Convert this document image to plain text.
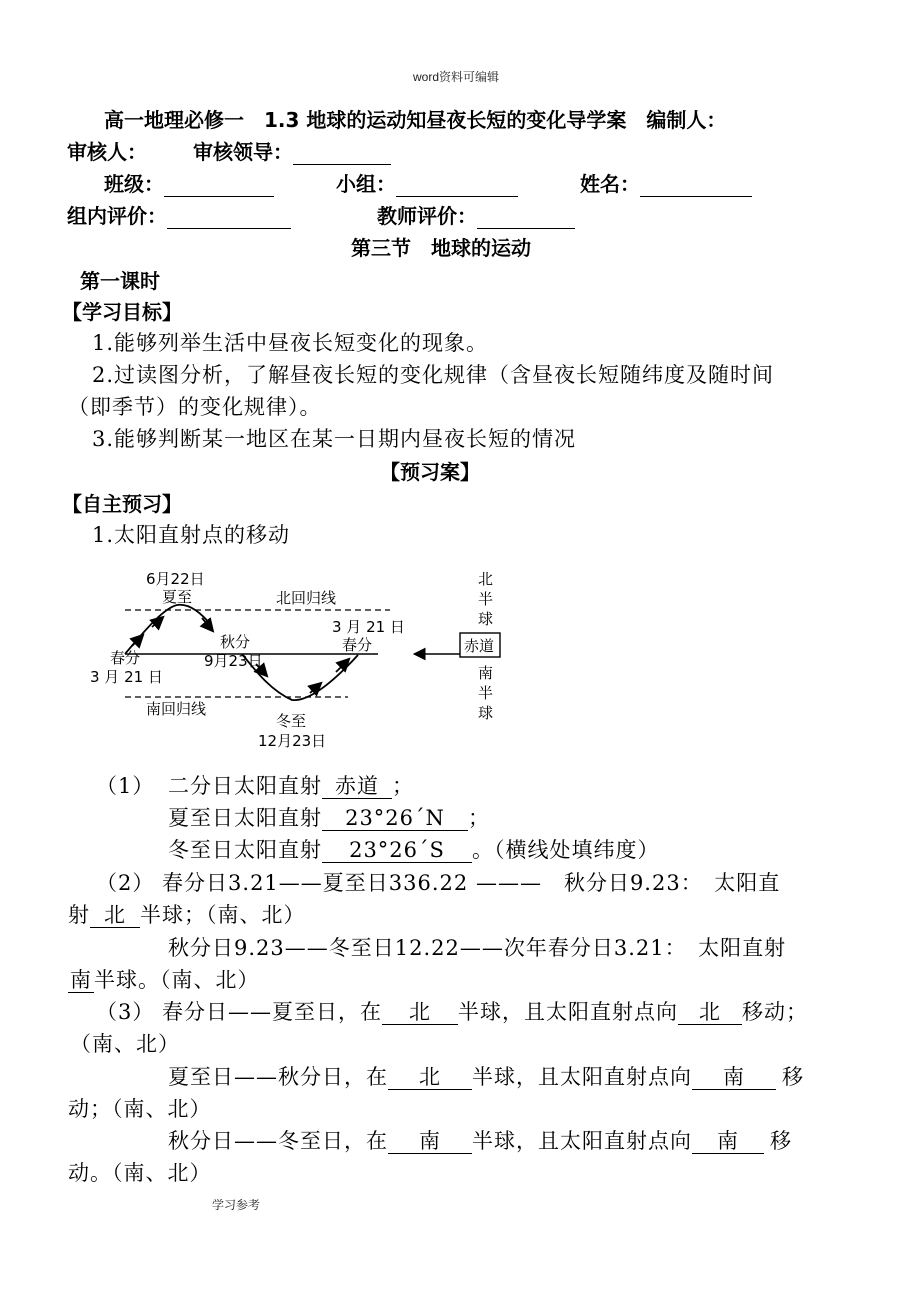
word资料可编辑
学习参考
高一地理必修一　1.3 地球的运动知昼夜长短的变化导学案　编制人：
审核人： 审核领导：
班级：	小组：	姓名：
组内评价：	教师评价：
第三节　地球的运动
第一课时
【学习目标】
1.能够列举生活中昼夜长短变化的现象。
2.过读图分析，了解昼夜长短的变化规律（含昼夜长短随纬度及随时间
（即季节）的变化规律）。
3.能够判断某一地区在某一日期内昼夜长短的情况
【预习案】
【自主预习】
1.太阳直射点的移动
6月22日
夏至	北回归线
秋分
9月23日
3 月 21 日
春分
春分
3 月 21 日
南回归线
冬至
12月23日
北
半
球
赤道
南
半
球
（1） 二分日太阳直射 赤道 ；
夏至日太阳直射 23°26´N ；
冬至日太阳直射 23°26´S 。（横线处填纬度）
（2） 春分日3.21——夏至日336.22 ———　秋分日9.23：　太阳直
射 北 半球；（南、北）
秋分日9.23——冬至日12.22——次年春分日3.21：　太阳直射
南半球。（南、北）
（3） 春分日——夏至日，在 北 半球，且太阳直射点向 北 移动；
（南、北）
夏至日——秋分日，在 北 半球，且太阳直射点向 南 移
动；（南、北）
秋分日——冬至日，在 南 半球，且太阳直射点向 南 移
动。（南、北）
